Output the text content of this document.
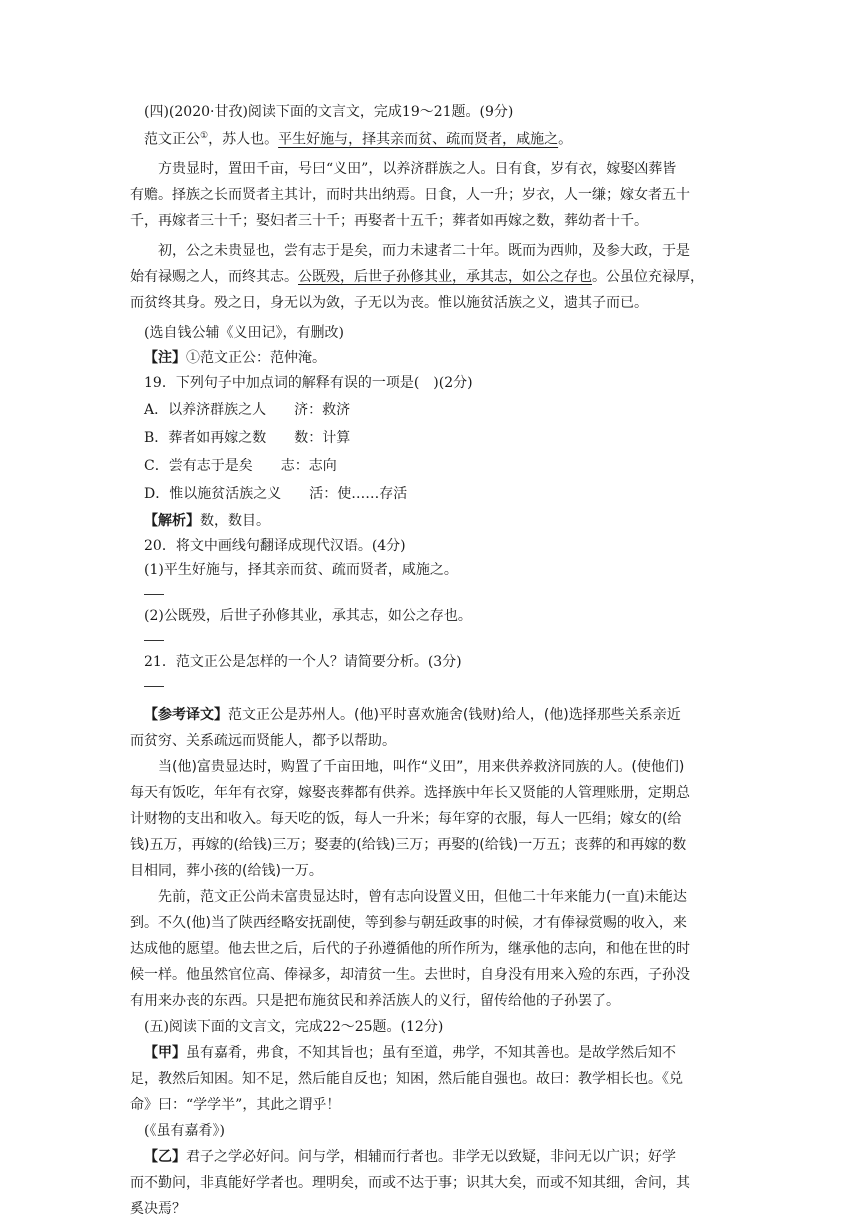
(四)(2020·甘孜)阅读下面的文言文，完成19～21题。(9分)

范文正公①，苏人也。平生好施与，择其亲而贫、疏而贤者，咸施之。

方贵显时，置田千亩，号曰“义田”，以养济群族之人。日有食，岁有衣，嫁娶凶葬皆

有赡。择族之长而贤者主其计，而时共出纳焉。日食，人一升；岁衣，人一缣；嫁女者五十

千，再嫁者三十千；娶妇者三十千；再娶者十五千；葬者如再嫁之数，葬幼者十千。

初，公之未贵显也，尝有志于是矣，而力未逮者二十年。既而为西帅，及参大政，于是

始有禄赐之人，而终其志。公既殁，后世子孙修其业，承其志，如公之存也。公虽位充禄厚，

而贫终其身。殁之日，身无以为敛，子无以为丧。惟以施贫活族之义，遗其子而已。

(选自钱公辅《义田记》，有删改)

【注】①范文正公：范仲淹。

19．下列句子中加点词的解释有误的一项是(　)(2分)

A．以养济群族之人　　济：救济

B．葬者如再嫁之数　　数：计算

C．尝有志于是矣　　志：志向

D．惟以施贫活族之义　　活：使……存活

【解析】数，数目。

20．将文中画线句翻译成现代汉语。(4分)

(1)平生好施与，择其亲而贫、疏而贤者，咸施之。

(2)公既殁，后世子孙修其业，承其志，如公之存也。

21．范文正公是怎样的一个人？请简要分析。(3分)

【参考译文】范文正公是苏州人。(他)平时喜欢施舍(钱财)给人，(他)选择那些关系亲近

而贫穷、关系疏远而贤能人，都予以帮助。

当(他)富贵显达时，购置了千亩田地，叫作“义田”，用来供养救济同族的人。(使他们)

每天有饭吃，年年有衣穿，嫁娶丧葬都有供养。选择族中年长又贤能的人管理账册，定期总

计财物的支出和收入。每天吃的饭，每人一升米；每年穿的衣服，每人一匹绢；嫁女的(给

钱)五万，再嫁的(给钱)三万；娶妻的(给钱)三万；再娶的(给钱)一万五；丧葬的和再嫁的数

目相同，葬小孩的(给钱)一万。

先前，范文正公尚未富贵显达时，曾有志向设置义田，但他二十年来能力(一直)未能达

到。不久(他)当了陕西经略安抚副使，等到参与朝廷政事的时候，才有俸禄赏赐的收入，来

达成他的愿望。他去世之后，后代的子孙遵循他的所作所为，继承他的志向，和他在世的时

候一样。他虽然官位高、俸禄多，却清贫一生。去世时，自身没有用来入殓的东西，子孙没

有用来办丧的东西。只是把布施贫民和养活族人的义行，留传给他的子孙罢了。

(五)阅读下面的文言文，完成22～25题。(12分)

【甲】虽有嘉肴，弗食，不知其旨也；虽有至道，弗学，不知其善也。是故学然后知不

足，教然后知困。知不足，然后能自反也；知困，然后能自强也。故曰：教学相长也。《兑

命》曰：“学学半”，其此之谓乎！

(《虽有嘉肴》)

【乙】君子之学必好问。问与学，相辅而行者也。非学无以致疑，非问无以广识；好学

而不勤问，非真能好学者也。理明矣，而或不达于事；识其大矣，而或不知其细，舍问，其

奚决焉？
